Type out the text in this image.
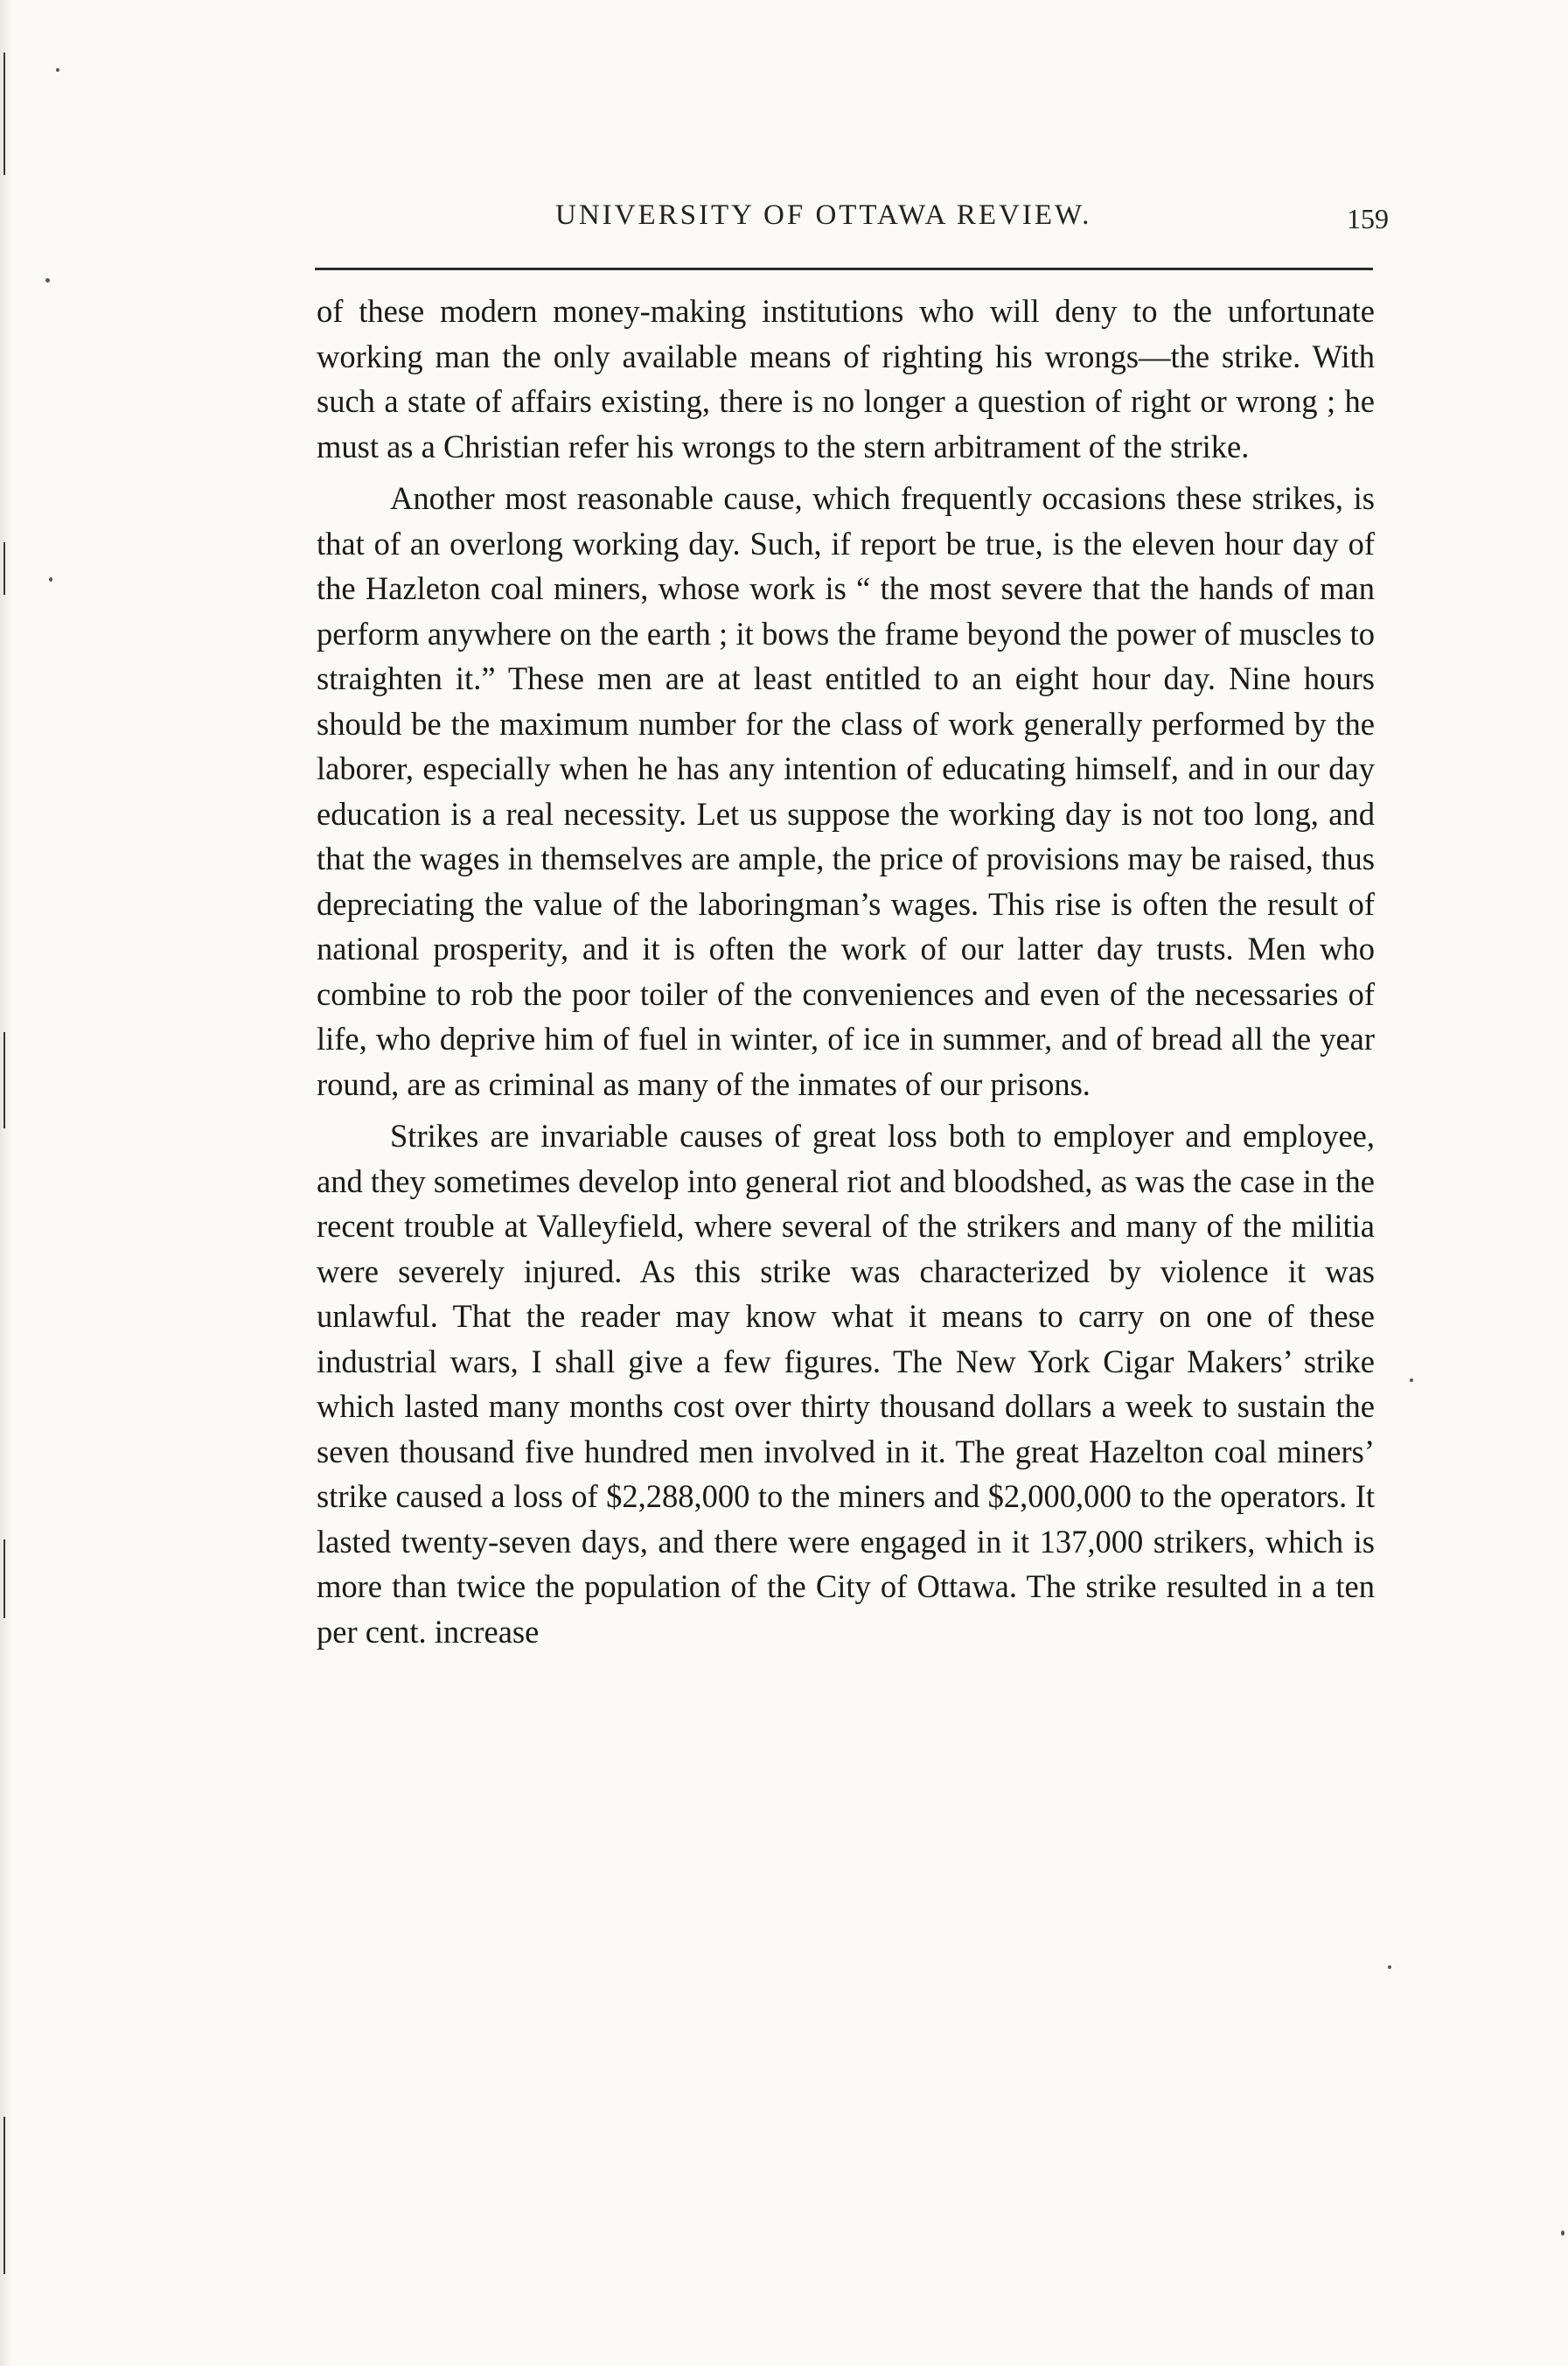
UNIVERSITY OF OTTAWA REVIEW.	159

of these modern money-making institutions who will deny to the unfortunate working man the only available means of righting his wrongs—the strike. With such a state of affairs existing, there is no longer a question of right or wrong ; he must as a Christian refer his wrongs to the stern arbitrament of the strike.

Another most reasonable cause, which frequently occasions these strikes, is that of an overlong working day. Such, if report be true, is the eleven hour day of the Hazleton coal miners, whose work is “ the most severe that the hands of man perform anywhere on the earth ; it bows the frame beyond the power of muscles to straighten it.” These men are at least entitled to an eight hour day. Nine hours should be the maximum number for the class of work generally performed by the laborer, especially when he has any intention of educating himself, and in our day education is a real necessity. Let us suppose the working day is not too long, and that the wages in themselves are ample, the price of provisions may be raised, thus depreciating the value of the laboringman’s wages. This rise is often the result of national prosperity, and it is often the work of our latter day trusts. Men who combine to rob the poor toiler of the conveniences and even of the necessaries of life, who deprive him of fuel in winter, of ice in summer, and of bread all the year round, are as criminal as many of the inmates of our prisons.

Strikes are invariable causes of great loss both to employer and employee, and they sometimes develop into general riot and bloodshed, as was the case in the recent trouble at Valleyfield, where several of the strikers and many of the militia were severely injured. As this strike was characterized by violence it was unlawful. That the reader may know what it means to carry on one of these industrial wars, I shall give a few figures. The New York Cigar Makers’ strike which lasted many months cost over thirty thousand dollars a week to sustain the seven thousand five hundred men involved in it. The great Hazelton coal miners’ strike caused a loss of $2,288,000 to the miners and $2,000,000 to the operators. It lasted twenty-seven days, and there were engaged in it 137,000 strikers, which is more than twice the population of the City of Ottawa. The strike resulted in a ten per cent. increase
